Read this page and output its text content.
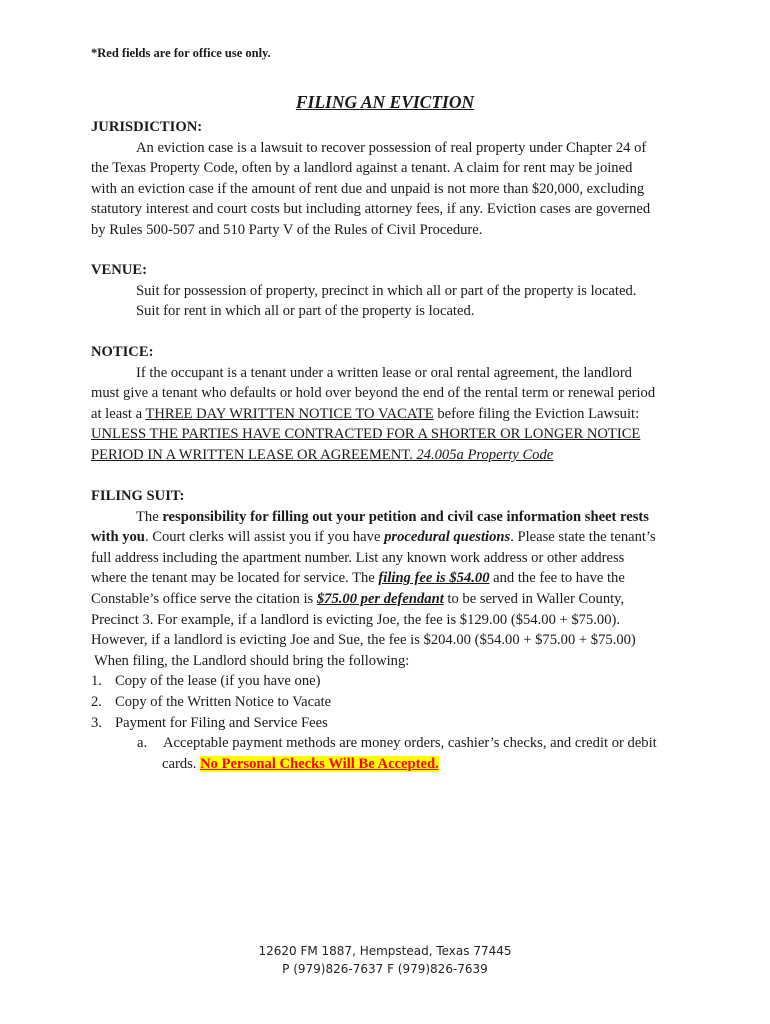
*Red fields are for office use only.
FILING AN EVICTION
JURISDICTION:
An eviction case is a lawsuit to recover possession of real property under Chapter 24 of
the Texas Property Code, often by a landlord against a tenant. A claim for rent may be joined
with an eviction case if the amount of rent due and unpaid is not more than $20,000, excluding
statutory interest and court costs but including attorney fees, if any. Eviction cases are governed
by Rules 500-507 and 510 Party V of the Rules of Civil Procedure.
VENUE:
Suit for possession of property, precinct in which all or part of the property is located.
Suit for rent in which all or part of the property is located.
NOTICE:
If the occupant is a tenant under a written lease or oral rental agreement, the landlord
must give a tenant who defaults or hold over beyond the end of the rental term or renewal period
at least a THREE DAY WRITTEN NOTICE TO VACATE before filing the Eviction Lawsuit:
UNLESS THE PARTIES HAVE CONTRACTED FOR A SHORTER OR LONGER NOTICE
PERIOD IN A WRITTEN LEASE OR AGREEMENT. 24.005a Property Code
FILING SUIT:
The responsibility for filling out your petition and civil case information sheet rests
with you. Court clerks will assist you if you have procedural questions. Please state the tenant’s
full address including the apartment number. List any known work address or other address
where the tenant may be located for service. The filing fee is $54.00 and the fee to have the
Constable’s office serve the citation is $75.00 per defendant to be served in Waller County,
Precinct 3. For example, if a landlord is evicting Joe, the fee is $129.00 ($54.00 + $75.00).
However, if a landlord is evicting Joe and Sue, the fee is $204.00 ($54.00 + $75.00 + $75.00)
When filing, the Landlord should bring the following:
1. Copy of the lease (if you have one)
2. Copy of the Written Notice to Vacate
3. Payment for Filing and Service Fees
a. Acceptable payment methods are money orders, cashier’s checks, and credit or debit
cards. No Personal Checks Will Be Accepted.
12620 FM 1887, Hempstead, Texas 77445
P (979)826-7637 F (979)826-7639
